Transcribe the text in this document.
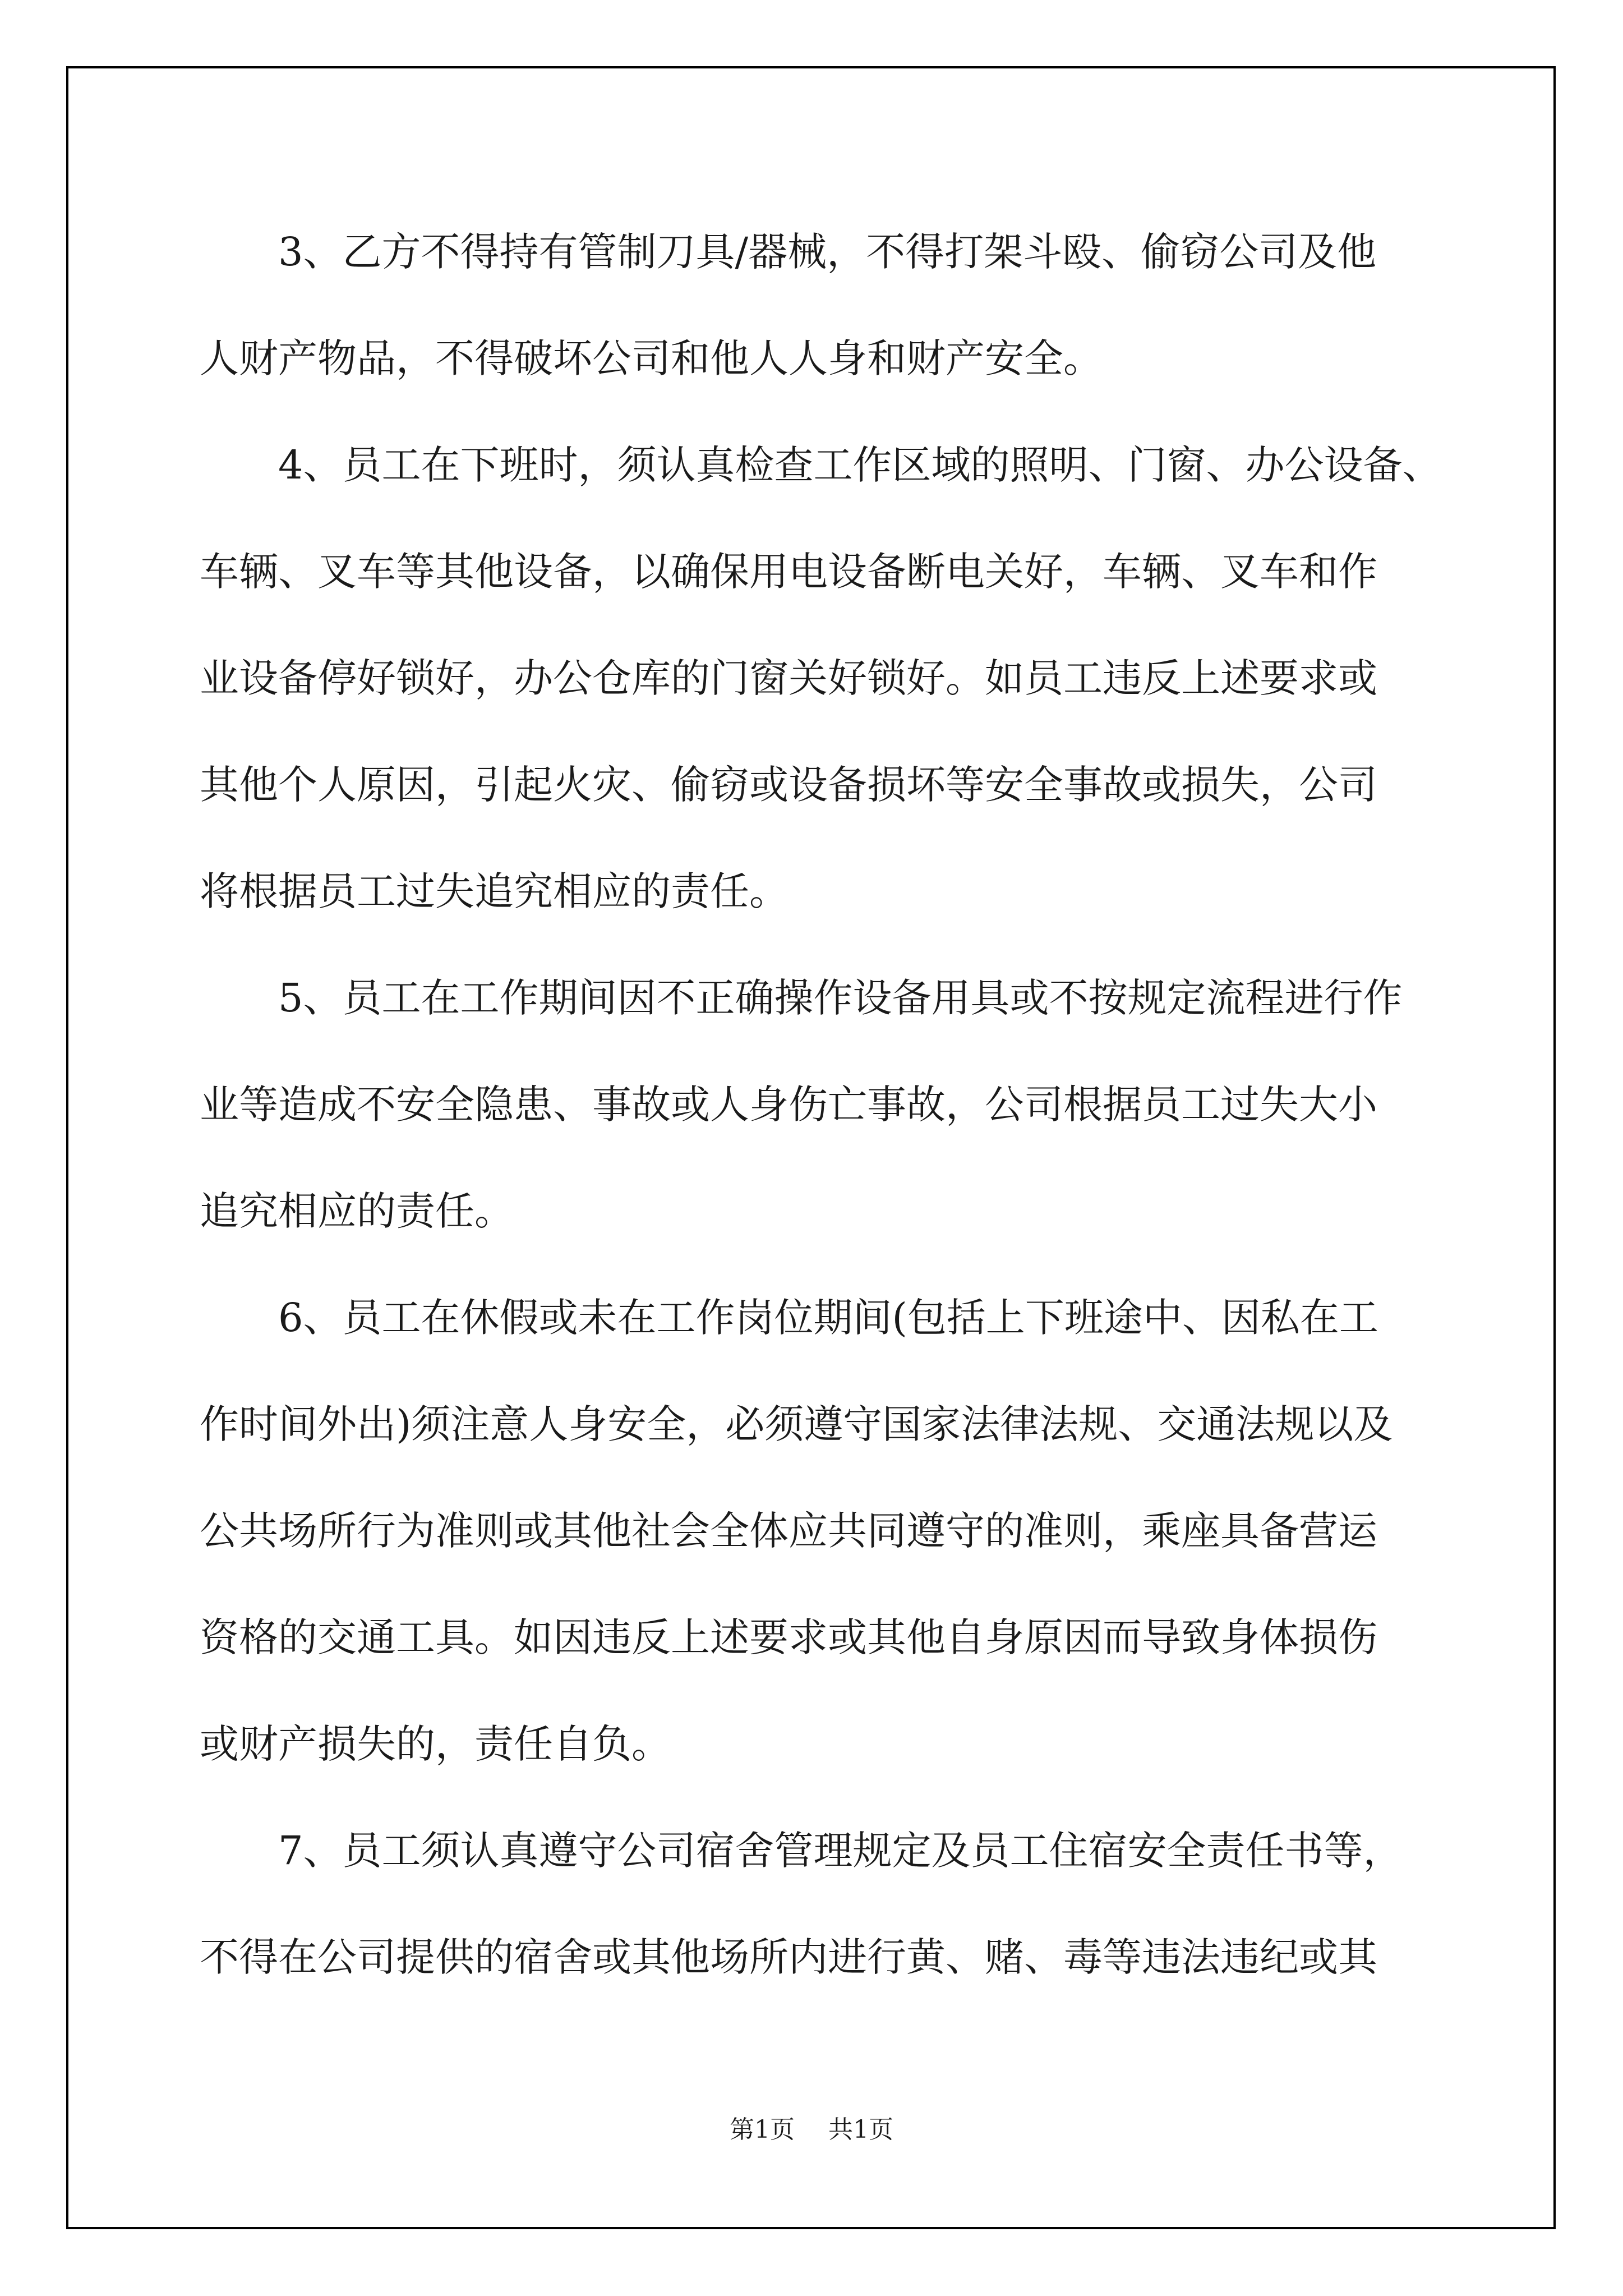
3、乙方不得持有管制刀具/器械，不得打架斗殴、偷窃公司及他
人财产物品，不得破坏公司和他人人身和财产安全。
4、员工在下班时，须认真检查工作区域的照明、门窗、办公设备、
车辆、叉车等其他设备，以确保用电设备断电关好，车辆、叉车和作
业设备停好锁好，办公仓库的门窗关好锁好。如员工违反上述要求或
其他个人原因，引起火灾、偷窃或设备损坏等安全事故或损失，公司
将根据员工过失追究相应的责任。
5、员工在工作期间因不正确操作设备用具或不按规定流程进行作
业等造成不安全隐患、事故或人身伤亡事故，公司根据员工过失大小
追究相应的责任。
6、员工在休假或未在工作岗位期间(包括上下班途中、因私在工
作时间外出)须注意人身安全，必须遵守国家法律法规、交通法规以及
公共场所行为准则或其他社会全体应共同遵守的准则，乘座具备营运
资格的交通工具。如因违反上述要求或其他自身原因而导致身体损伤
或财产损失的，责任自负。
7、员工须认真遵守公司宿舍管理规定及员工住宿安全责任书等，
不得在公司提供的宿舍或其他场所内进行黄、赌、毒等违法违纪或其
第1页 共1页
